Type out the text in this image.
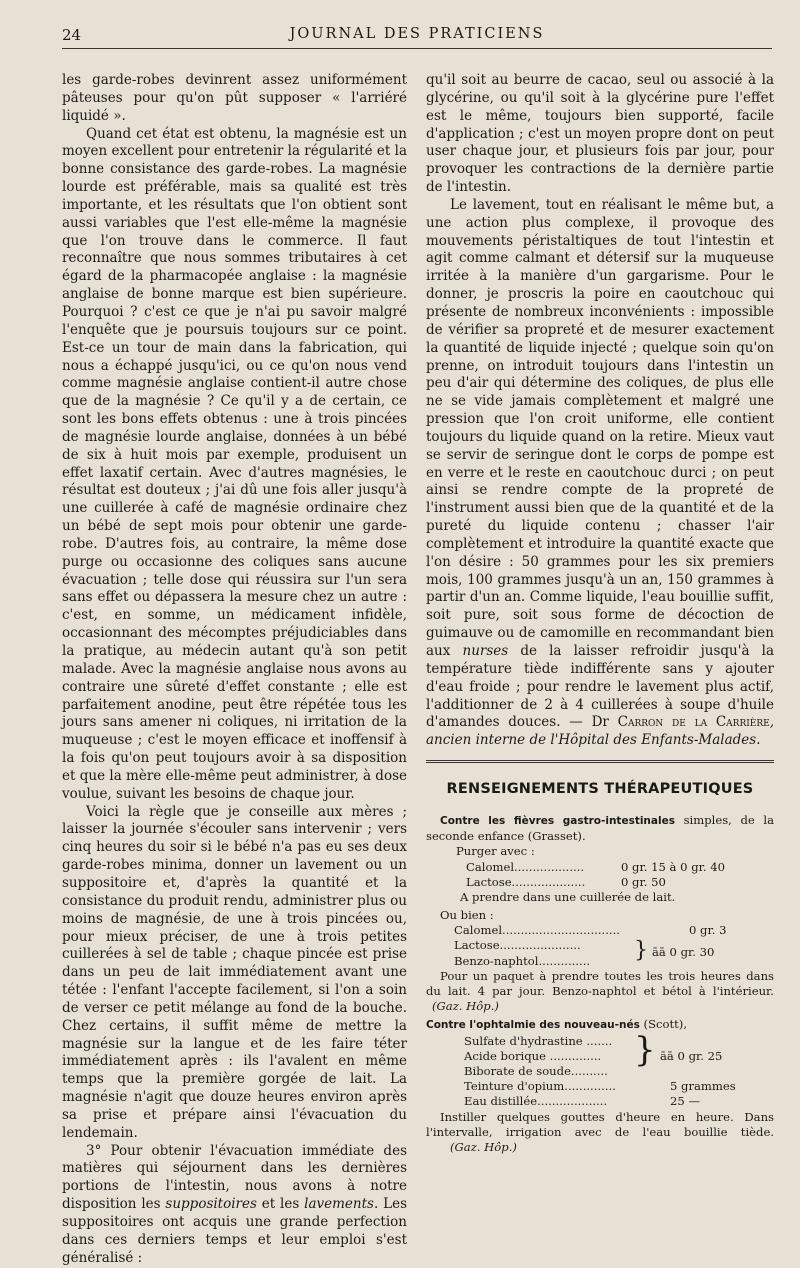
24	JOURNAL DES PRATICIENS

les garde-robes devinrent assez uniformément pâteuses pour qu'on pût supposer « l'arriéré liquidé ».

Quand cet état est obtenu, la magnésie est un moyen excellent pour entretenir la régularité et la bonne consistance des garde-robes. La magnésie lourde est préférable, mais sa qualité est très importante, et les résultats que l'on obtient sont aussi variables que l'est elle-même la magnésie que l'on trouve dans le commerce. Il faut reconnaître que nous sommes tributaires à cet égard de la pharmacopée anglaise : la magnésie anglaise de bonne marque est bien supérieure. Pourquoi ? c'est ce que je n'ai pu savoir malgré l'enquête que je poursuis toujours sur ce point. Est-ce un tour de main dans la fabrication, qui nous a échappé jusqu'ici, ou ce qu'on nous vend comme magnésie anglaise contient-il autre chose que de la magnésie ? Ce qu'il y a de certain, ce sont les bons effets obtenus : une à trois pincées de magnésie lourde anglaise, données à un bébé de six à huit mois par exemple, produisent un effet laxatif certain. Avec d'autres magnésies, le résultat est douteux ; j'ai dû une fois aller jusqu'à une cuillerée à café de magnésie ordinaire chez un bébé de sept mois pour obtenir une garde-robe. D'autres fois, au contraire, la même dose purge ou occasionne des coliques sans aucune évacuation ; telle dose qui réussira sur l'un sera sans effet ou dépassera la mesure chez un autre : c'est, en somme, un médicament infidèle, occasionnant des mécomptes préjudiciables dans la pratique, au médecin autant qu'à son petit malade. Avec la magnésie anglaise nous avons au contraire une sûreté d'effet constante ; elle est parfaitement anodine, peut être répétée tous les jours sans amener ni coliques, ni irritation de la muqueuse ; c'est le moyen efficace et inoffensif à la fois qu'on peut toujours avoir à sa disposition et que la mère elle-même peut administrer, à dose voulue, suivant les besoins de chaque jour.

Voici la règle que je conseille aux mères ; laisser la journée s'écouler sans intervenir ; vers cinq heures du soir si le bébé n'a pas eu ses deux garde-robes minima, donner un lavement ou un suppositoire et, d'après la quantité et la consistance du produit rendu, administrer plus ou moins de magnésie, de une à trois pincées ou, pour mieux préciser, de une à trois petites cuillerées à sel de table ; chaque pincée est prise dans un peu de lait immédiatement avant une tétée : l'enfant l'accepte facilement, si l'on a soin de verser ce petit mélange au fond de la bouche. Chez certains, il suffit même de mettre la magnésie sur la langue et de les faire téter immédiatement après : ils l'avalent en même temps que la première gorgée de lait. La magnésie n'agit que douze heures environ après sa prise et prépare ainsi l'évacuation du lendemain.

3° Pour obtenir l'évacuation immédiate des matières qui séjournent dans les dernières portions de l'intestin, nous avons à notre disposition les suppositoires et les lavements. Les suppositoires ont acquis une grande perfection dans ces derniers temps et leur emploi s'est généralisé :

qu'il soit au beurre de cacao, seul ou associé à la glycérine, ou qu'il soit à la glycérine pure l'effet est le même, toujours bien supporté, facile d'application ; c'est un moyen propre dont on peut user chaque jour, et plusieurs fois par jour, pour provoquer les contractions de la dernière partie de l'intestin.

Le lavement, tout en réalisant le même but, a une action plus complexe, il provoque des mouvements péristaltiques de tout l'intestin et agit comme calmant et détersif sur la muqueuse irritée à la manière d'un gargarisme. Pour le donner, je proscris la poire en caoutchouc qui présente de nombreux inconvénients : impossible de vérifier sa propreté et de mesurer exactement la quantité de liquide injecté ; quelque soin qu'on prenne, on introduit toujours dans l'intestin un peu d'air qui détermine des coliques, de plus elle ne se vide jamais complètement et malgré une pression que l'on croit uniforme, elle contient toujours du liquide quand on la retire. Mieux vaut se servir de seringue dont le corps de pompe est en verre et le reste en caoutchouc durci ; on peut ainsi se rendre compte de la propreté de l'instrument aussi bien que de la quantité et de la pureté du liquide contenu ; chasser l'air complètement et introduire la quantité exacte que l'on désire : 50 grammes pour les six premiers mois, 100 grammes jusqu'à un an, 150 grammes à partir d'un an. Comme liquide, l'eau bouillie suffit, soit pure, soit sous forme de décoction de guimauve ou de camomille en recommandant bien aux nurses de la laisser refroidir jusqu'à la température tiède indifférente sans y ajouter d'eau froide ; pour rendre le lavement plus actif, l'additionner de 2 à 4 cuillerées à soupe d'huile d'amandes douces. — Dr Carron de la Carrière, ancien interne de l'Hôpital des Enfants-Malades.

RENSEIGNEMENTS THÉRAPEUTIQUES

Contre les fièvres gastro-intestinales simples, de la seconde enfance (Grasset).

Purger avec :

Calomel...................	0 gr. 15 à 0 gr. 40
Lactose....................	0 gr. 50

A prendre dans une cuillerée de lait.

Ou bien :

Calomel................................	0 gr. 3
Lactose......................
Benzo-naphtol.............. } āā 0 gr. 30

Pour un paquet à prendre toutes les trois heures dans du lait. 4 par jour. Benzo-naphtol et bétol à l'intérieur. (Gaz. Hôp.)

Contre l'ophtalmie des nouveau-nés (Scott),

Sulfate d'hydrastine .......
Acide borique ..............
Biborate de soude..........
} āā 0 gr. 25
Teinture d'opium..............	5 grammes
Eau distillée...................	25 —

Instiller quelques gouttes d'heure en heure. Dans l'intervalle, irrigation avec de l'eau bouillie tiède. (Gaz. Hôp.)
